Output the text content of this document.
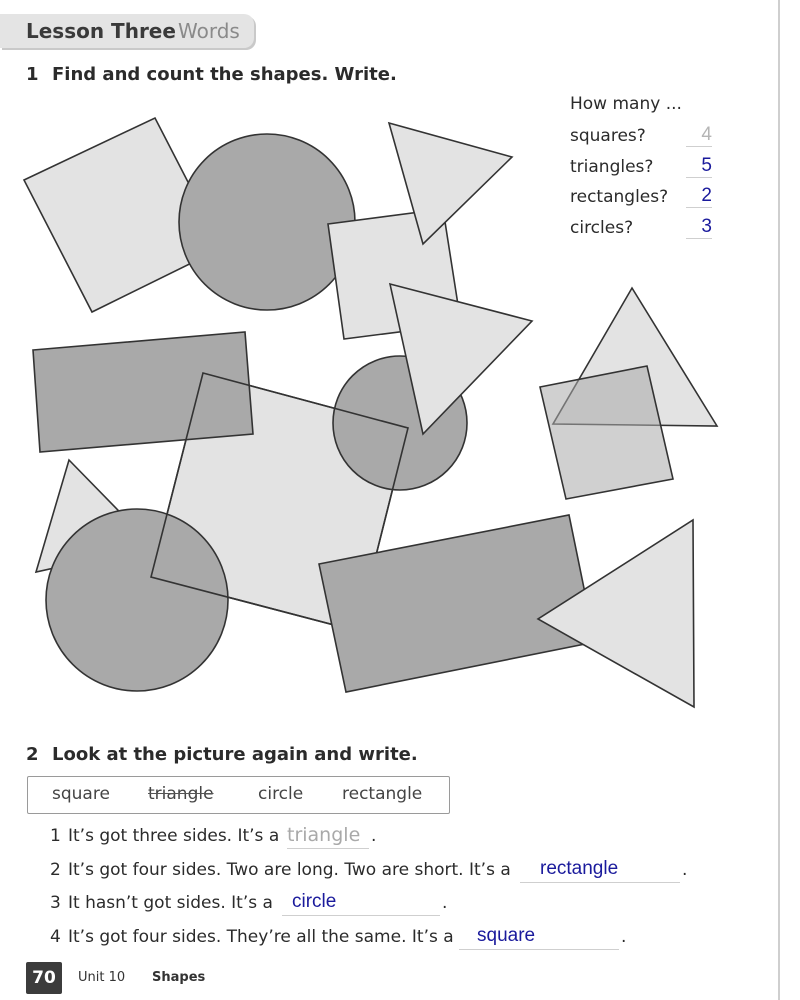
Lesson Three Words
1 Find and count the shapes. Write.
How many ...
squares?	4
triangles?	5
rectangles?	2
circles?	3
2 Look at the picture again and write.
square triangle	circle rectangle
1 It’s got three sides. It’s a triangle .
2 It’s got four sides. Two are long. Two are short. It’s a	rectangle	.
3 It hasn’t got sides. It’s a	circle	.
4 It’s got four sides. They’re all the same. It’s a	square	.
70	Unit 10 Shapes
